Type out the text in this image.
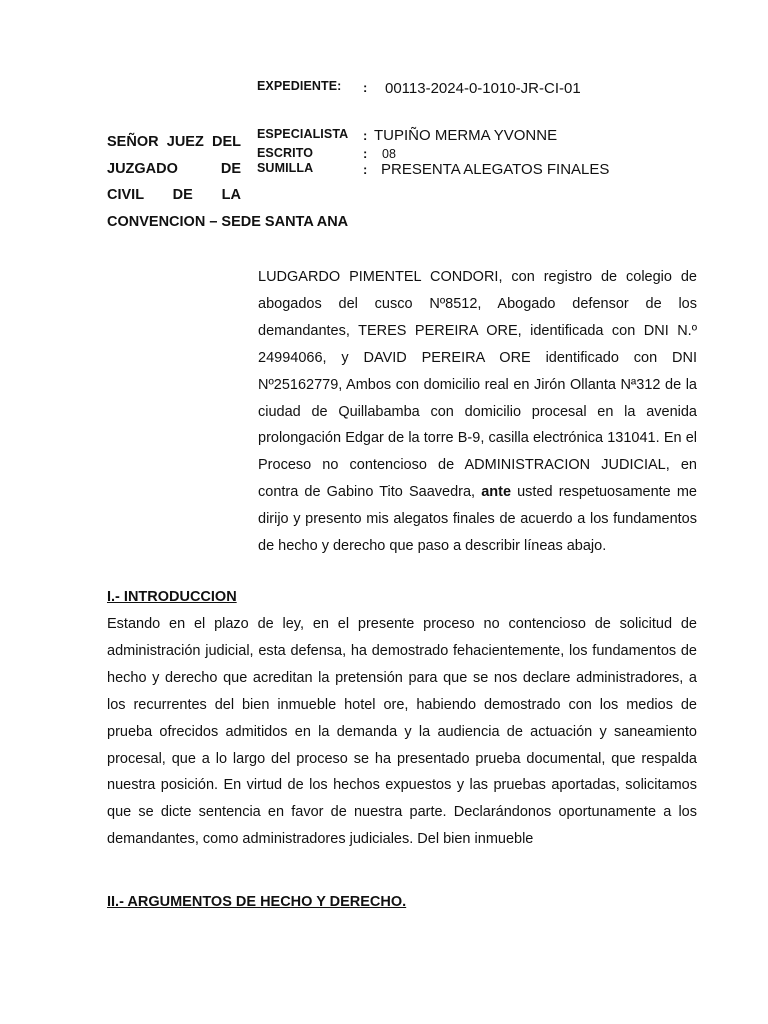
EXPEDIENTE: : 00113-2024-0-1010-JR-CI-01
ESPECIALISTA : TUPIÑO MERMA YVONNE
ESCRITO	: 08
SUMILLA	: PRESENTA ALEGATOS FINALES
SEÑOR JUEZ DEL
JUZGADO DE
CIVIL DE LA
CONVENCION – SEDE SANTA ANA

LUDGARDO PIMENTEL CONDORI, con registro de colegio de abogados del cusco Nº8512, Abogado defensor de los demandantes, TERES PEREIRA ORE, identificada con DNI N.º 24994066, y DAVID PEREIRA ORE identificado con DNI Nº25162779, Ambos con domicilio real en Jirón Ollanta Nª312 de la ciudad de Quillabamba con domicilio procesal en la avenida prolongación Edgar de la torre B-9, casilla electrónica 131041. En el Proceso no contencioso de ADMINISTRACION JUDICIAL, en contra de Gabino Tito Saavedra, ante usted respetuosamente me dirijo y presento mis alegatos finales de acuerdo a los fundamentos de hecho y derecho que paso a describir líneas abajo.

I.- INTRODUCCION

Estando en el plazo de ley, en el presente proceso no contencioso de solicitud de administración judicial, esta defensa, ha demostrado fehacientemente, los fundamentos de hecho y derecho que acreditan la pretensión para que se nos declare administradores, a los recurrentes del bien inmueble hotel ore, habiendo demostrado con los medios de prueba ofrecidos admitidos en la demanda y la audiencia de actuación y saneamiento procesal, que a lo largo del proceso se ha presentado prueba documental, que respalda nuestra posición. En virtud de los hechos expuestos y las pruebas aportadas, solicitamos que se dicte sentencia en favor de nuestra parte. Declarándonos oportunamente a los demandantes, como administradores judiciales. Del bien inmueble

II.- ARGUMENTOS DE HECHO Y DERECHO.
